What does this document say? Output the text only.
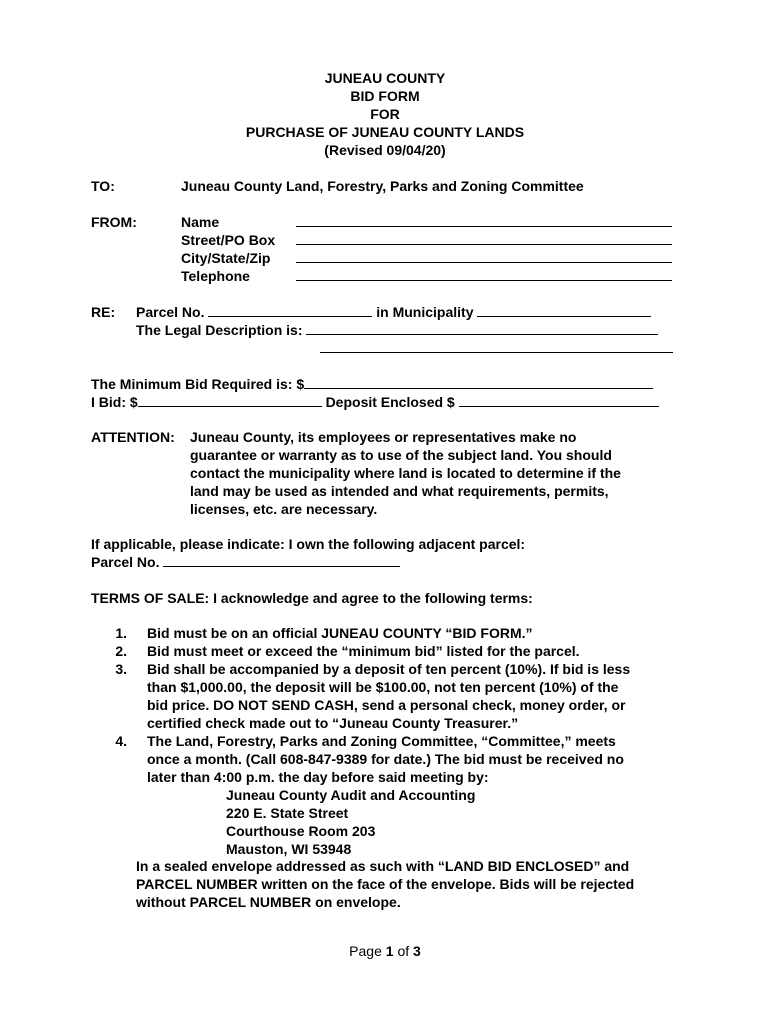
JUNEAU COUNTY
BID FORM
FOR
PURCHASE OF JUNEAU COUNTY LANDS
(Revised 09/04/20)
TO:	Juneau County Land, Forestry, Parks and Zoning Committee
FROM:	Name
Street/PO Box
City/State/Zip
Telephone
RE: Parcel No.	in Municipality
The Legal Description is:
The Minimum Bid Required is: $
I Bid: $	Deposit Enclosed $
ATTENTION: Juneau County, its employees or representatives make no
guarantee or warranty as to use of the subject land. You should
contact the municipality where land is located to determine if the
land may be used as intended and what requirements, permits,
licenses, etc. are necessary.
If applicable, please indicate: I own the following adjacent parcel:
Parcel No.
TERMS OF SALE: I acknowledge and agree to the following terms:
1. Bid must be on an official JUNEAU COUNTY “BID FORM.”
2. Bid must meet or exceed the “minimum bid” listed for the parcel.
3. Bid shall be accompanied by a deposit of ten percent (10%). If bid is less
than $1,000.00, the deposit will be $100.00, not ten percent (10%) of the
bid price. DO NOT SEND CASH, send a personal check, money order, or
certified check made out to “Juneau County Treasurer.”
4. The Land, Forestry, Parks and Zoning Committee, “Committee,” meets
once a month. (Call 608-847-9389 for date.) The bid must be received no
later than 4:00 p.m. the day before said meeting by:
Juneau County Audit and Accounting
220 E. State Street
Courthouse Room 203
Mauston, WI 53948
In a sealed envelope addressed as such with “LAND BID ENCLOSED” and
PARCEL NUMBER written on the face of the envelope. Bids will be rejected
without PARCEL NUMBER on envelope.
Page 1 of 3
